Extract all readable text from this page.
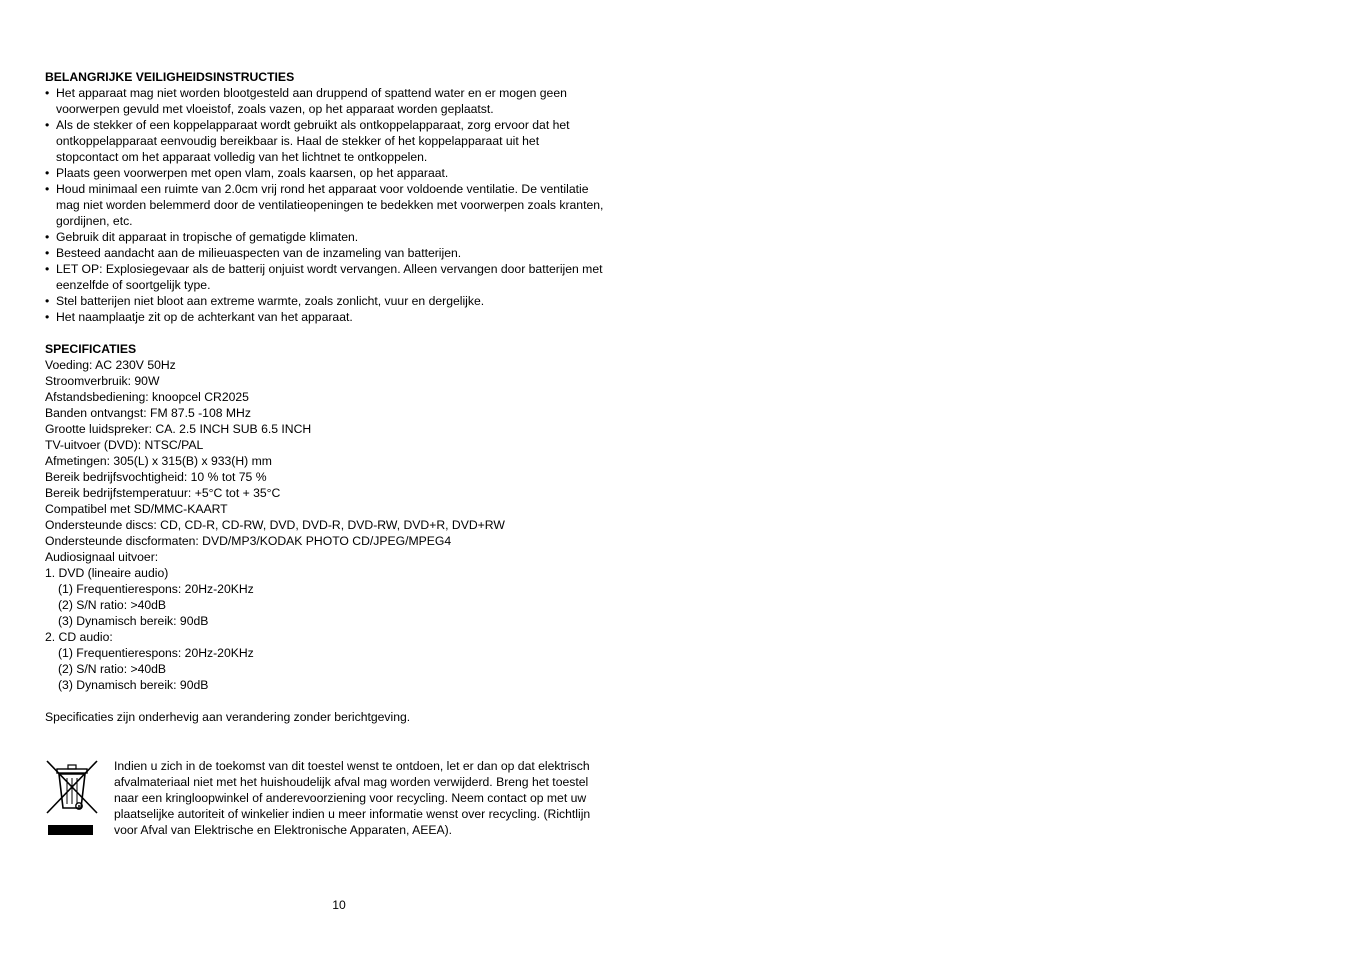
BELANGRIJKE VEILIGHEIDSINSTRUCTIES
• Het apparaat mag niet worden blootgesteld aan druppend of spattend water en er mogen geen
voorwerpen gevuld met vloeistof, zoals vazen, op het apparaat worden geplaatst.
• Als de stekker of een koppelapparaat wordt gebruikt als ontkoppelapparaat, zorg ervoor dat het
ontkoppelapparaat eenvoudig bereikbaar is. Haal de stekker of het koppelapparaat uit het
stopcontact om het apparaat volledig van het lichtnet te ontkoppelen.
• Plaats geen voorwerpen met open vlam, zoals kaarsen, op het apparaat.
• Houd minimaal een ruimte van 2.0cm vrij rond het apparaat voor voldoende ventilatie. De ventilatie
mag niet worden belemmerd door de ventilatieopeningen te bedekken met voorwerpen zoals kranten,
gordijnen, etc.
• Gebruik dit apparaat in tropische of gematigde klimaten.
• Besteed aandacht aan de milieuaspecten van de inzameling van batterijen.
• LET OP: Explosiegevaar als de batterij onjuist wordt vervangen. Alleen vervangen door batterijen met
eenzelfde of soortgelijk type.
• Stel batterijen niet bloot aan extreme warmte, zoals zonlicht, vuur en dergelijke.
• Het naamplaatje zit op de achterkant van het apparaat.
SPECIFICATIES
Voeding: AC 230V 50Hz
Stroomverbruik: 90W
Afstandsbediening: knoopcel CR2025
Banden ontvangst: FM 87.5 -108 MHz
Grootte luidspreker: CA. 2.5 INCH SUB 6.5 INCH
TV-uitvoer (DVD): NTSC/PAL
Afmetingen: 305(L) x 315(B) x 933(H) mm
Bereik bedrijfsvochtigheid: 10 % tot 75 %
Bereik bedrijfstemperatuur: +5°C tot + 35°C
Compatibel met SD/MMC-KAART
Ondersteunde discs: CD, CD-R, CD-RW, DVD, DVD-R, DVD-RW, DVD+R, DVD+RW
Ondersteunde discformaten: DVD/MP3/KODAK PHOTO CD/JPEG/MPEG4
Audiosignaal uitvoer:
1. DVD (lineaire audio)
(1) Frequentierespons: 20Hz-20KHz
(2) S/N ratio: >40dB
(3) Dynamisch bereik: 90dB
2. CD audio:
(1) Frequentierespons: 20Hz-20KHz
(2) S/N ratio: >40dB
(3) Dynamisch bereik: 90dB
Specificaties zijn onderhevig aan verandering zonder berichtgeving.

Indien u zich in de toekomst van dit toestel wenst te ontdoen, let er dan op dat elektrisch

afvalmateriaal niet met het huishoudelijk afval mag worden verwijderd. Breng het toestel

naar een kringloopwinkel of anderevoorziening voor recycling. Neem contact op met uw

plaatselijke autoriteit of winkelier indien u meer informatie wenst over recycling. (Richtlijn

voor Afval van Elektrische en Elektronische Apparaten, AEEA).

10
